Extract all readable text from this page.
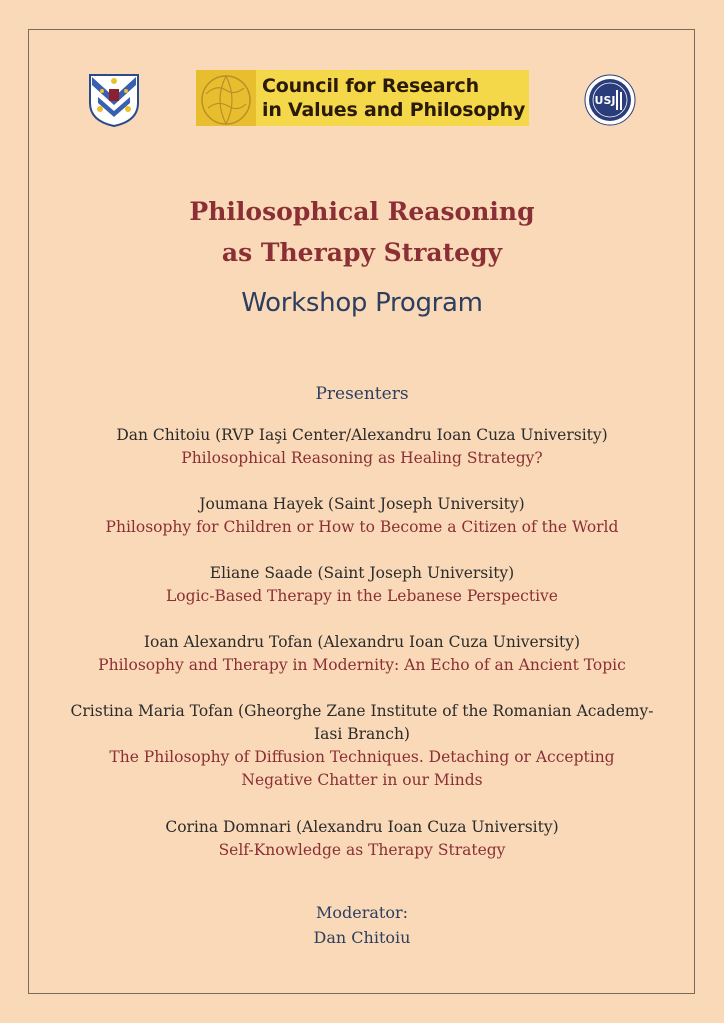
Council for Research
in Values and Philosophy	USJ
Philosophical Reasoning
as Therapy Strategy
Workshop Program
Presenters
Dan Chitoiu (RVP Iaşi Center/Alexandru Ioan Cuza University)
Philosophical Reasoning as Healing Strategy?
Joumana Hayek (Saint Joseph University)
Philosophy for Children or How to Become a Citizen of the World
Eliane Saade (Saint Joseph University)
Logic-Based Therapy in the Lebanese Perspective
Ioan Alexandru Tofan (Alexandru Ioan Cuza University)
Philosophy and Therapy in Modernity: An Echo of an Ancient Topic
Cristina Maria Tofan (Gheorghe Zane Institute of the Romanian Academy-
Iasi Branch)
The Philosophy of Diffusion Techniques. Detaching or Accepting
Negative Chatter in our Minds
Corina Domnari (Alexandru Ioan Cuza University)
Self-Knowledge as Therapy Strategy
Moderator:
Dan Chitoiu
